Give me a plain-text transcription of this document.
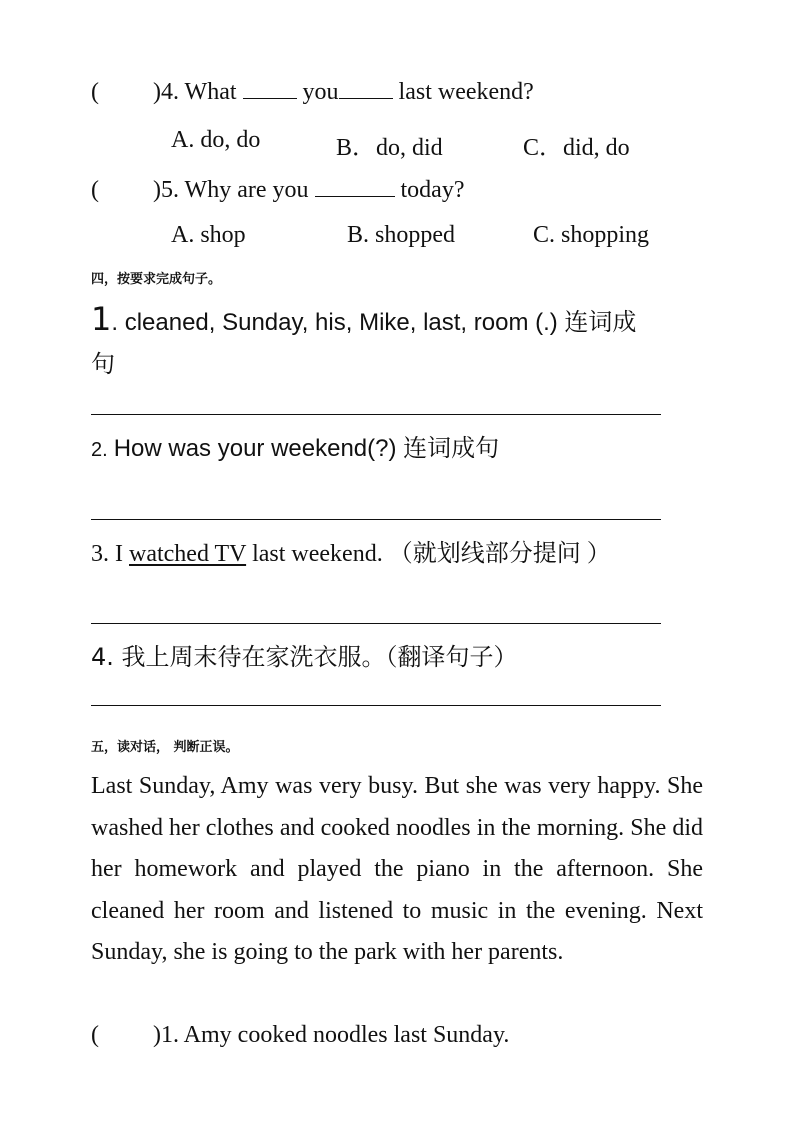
( )4. What	you	last weekend?
A. do, do	B．do, did	C．did, do
( )5. Why are you	today?
A. shop	B. shopped	C. shopping
四，按要求完成句子。
1. cleaned, Sunday, his, Mike, last, room (.) 连词成
句
2. How was your weekend(?) 连词成句
3. I watched TV last weekend. （就划线部分提问 ）
4. 我上周末待在家洗衣服。（翻译句子）
五，读对话， 判断正误。
Last Sunday, Amy was very busy. But she was very happy. She washed her clothes and cooked noodles in the morning. She did her homework and played the piano in the afternoon. She cleaned her room and listened to music in the evening. Next Sunday, she is going to the park with her parents.
( )1. Amy cooked noodles last Sunday.
